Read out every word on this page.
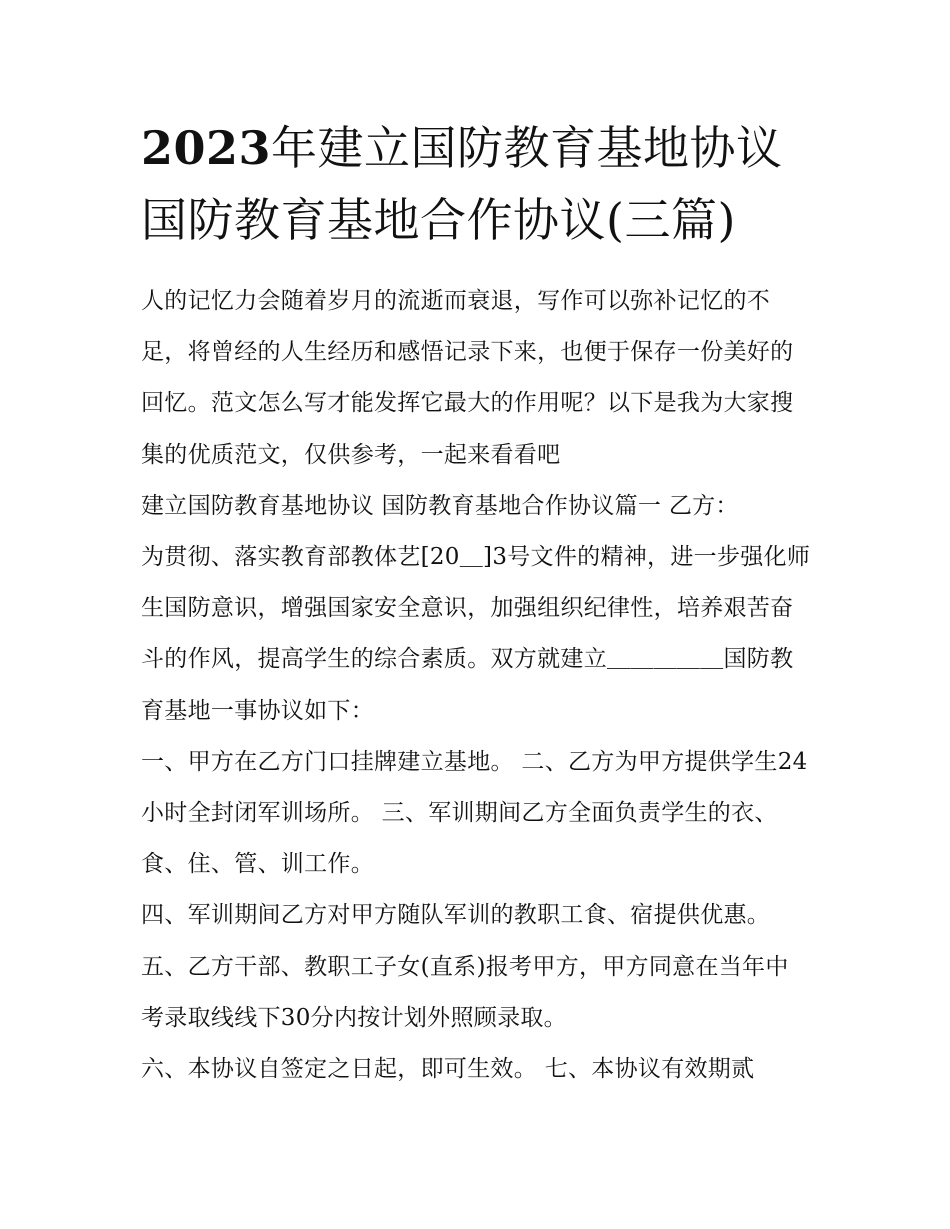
2023年建立国防教育基地协议
国防教育基地合作协议(三篇)

人的记忆力会随着岁月的流逝而衰退，写作可以弥补记忆的不足，将曾经的人生经历和感悟记录下来，也便于保存一份美好的回忆。范文怎么写才能发挥它最大的作用呢？以下是我为大家搜集的优质范文，仅供参考，一起来看看吧

建立国防教育基地协议 国防教育基地合作协议篇一 乙方：

为贯彻、落实教育部教体艺[20＿]3号文件的精神，进一步强化师生国防意识，增强国家安全意识，加强组织纪律性，培养艰苦奋斗的作风，提高学生的综合素质。双方就建立＿＿＿＿＿国防教育基地一事协议如下：

一、甲方在乙方门口挂牌建立基地。 二、乙方为甲方提供学生24小时全封闭军训场所。 三、军训期间乙方全面负责学生的衣、食、住、管、训工作。

四、军训期间乙方对甲方随队军训的教职工食、宿提供优惠。

五、乙方干部、教职工子女(直系)报考甲方，甲方同意在当年中考录取线线下30分内按计划外照顾录取。

六、本协议自签定之日起，即可生效。 七、本协议有效期贰
